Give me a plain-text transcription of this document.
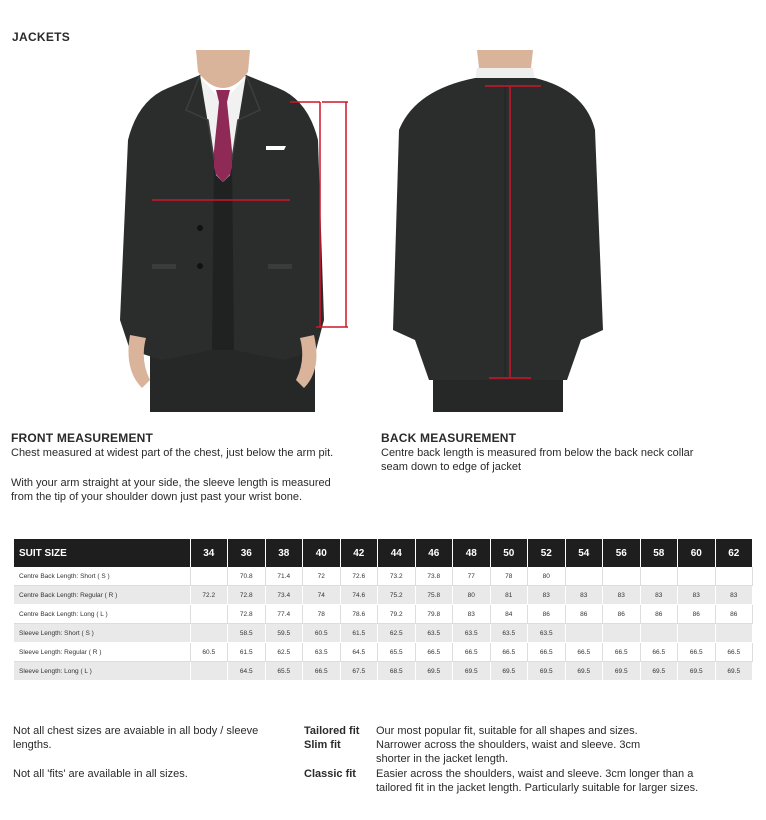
JACKETS
FRONT MEASUREMENT
Chest measured at widest part of the chest, just below the arm pit.
With your arm straight at your side, the sleeve length is measured from the tip of your shoulder down just past your wrist bone.
BACK MEASUREMENT
Centre back length is measured from below the back neck collar seam down to edge of jacket
SUIT SIZE	34	36	38	40	42	44	46	48	50	52	54	56	58	60	62
Centre Back Length: Short ( S )		70.8	71.4	72	72.6	73.2	73.8	77	78	80					
Centre Back Length: Regular ( R )	72.2	72.8	73.4	74	74.6	75.2	75.8	80	81	83	83	83	83	83	83
Centre Back Length: Long ( L )		72.8	77.4	78	78.6	79.2	79.8	83	84	86	86	86	86	86	86
Sleeve Length: Short ( S )		58.5	59.5	60.5	61.5	62.5	63.5	63.5	63.5	63.5					
Sleeve Length: Regular ( R )	60.5	61.5	62.5	63.5	64.5	65.5	66.5	66.5	66.5	66.5	66.5	66.5	66.5	66.5	66.5
Sleeve Length: Long ( L )		64.5	65.5	66.5	67.5	68.5	69.5	69.5	69.5	69.5	69.5	69.5	69.5	69.5	69.5
Not all chest sizes are avaiable in all body / sleeve lengths.
Not all 'fits' are available in all sizes.
Tailored fit Our most popular fit, suitable for all shapes and sizes.
Slim fit	Narrower across the shoulders, waist and sleeve. 3cm shorter in the jacket length.
Classic fit Easier across the shoulders, waist and sleeve. 3cm longer than a tailored fit in the jacket length. Particularly suitable for larger sizes.
